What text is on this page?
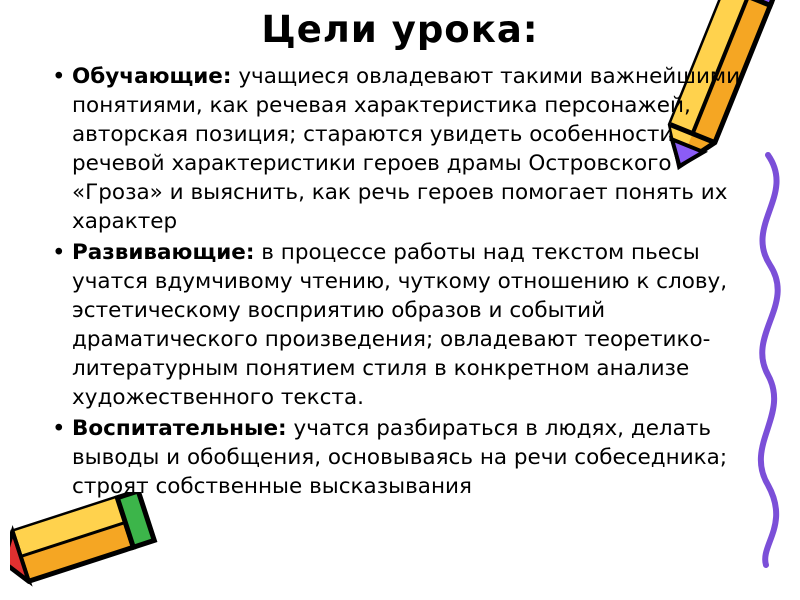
Цели урока:
• Обучающие: учащиеся овладевают такими важнейшими понятиями, как речевая характеристика персонажей, авторская позиция; стараются увидеть особенности речевой характеристики героев драмы Островского «Гроза» и выяснить, как речь героев помогает понять их характер
• Развивающие: в процессе работы над текстом пьесы учатся вдумчивому чтению, чуткому отношению к слову, эстетическому восприятию образов и событий драматического произведения; овладевают теоретико-литературным понятием стиля в конкретном анализе художественного текста.
• Воспитательные: учатся разбираться в людях, делать выводы и обобщения, основываясь на речи собеседника; строят собственные высказывания
